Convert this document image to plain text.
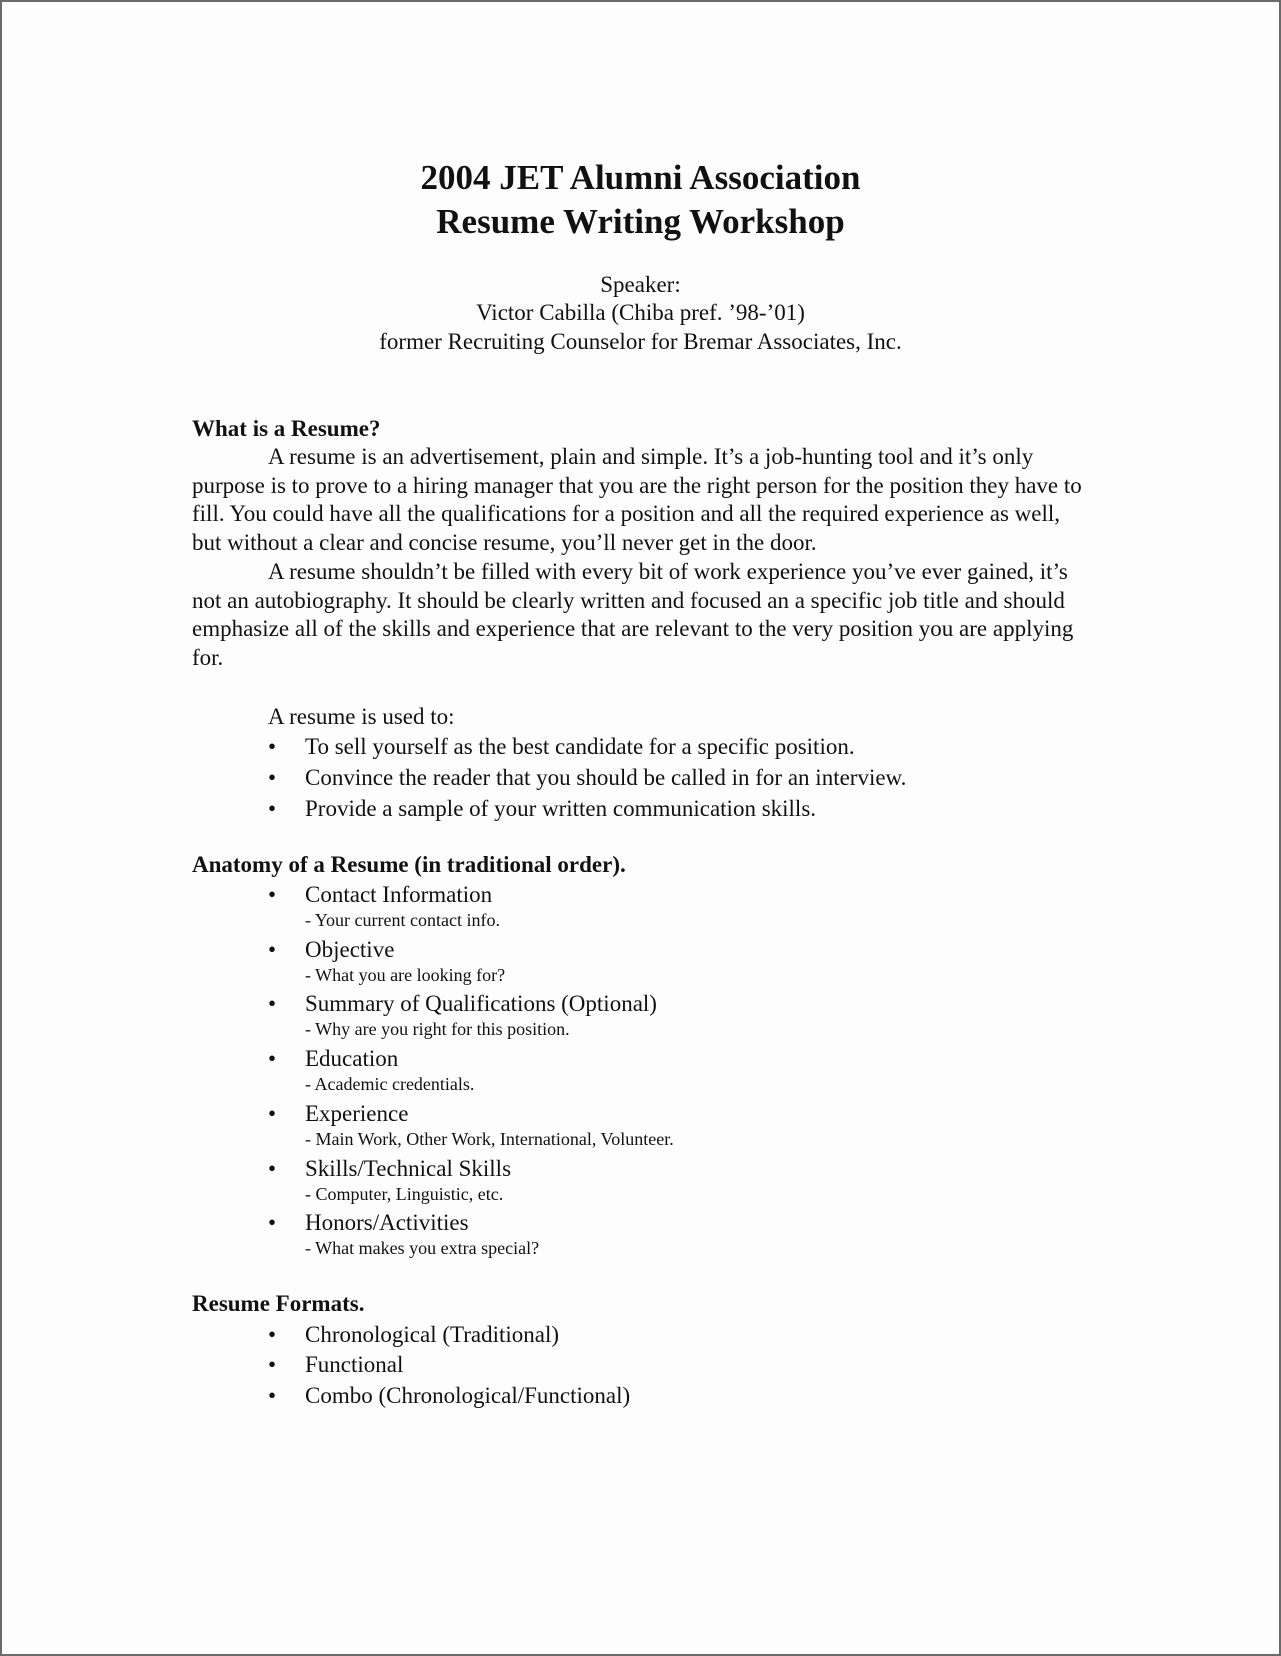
2004 JET Alumni Association
Resume Writing Workshop
Speaker:
Victor Cabilla (Chiba pref. ’98-’01)
former Recruiting Counselor for Bremar Associates, Inc.
What is a Resume?

A resume is an advertisement, plain and simple. It’s a job-hunting tool and it’s only purpose is to prove to a hiring manager that you are the right person for the position they have to fill. You could have all the qualifications for a position and all the required experience as well, but without a clear and concise resume, you’ll never get in the door.

A resume shouldn’t be filled with every bit of work experience you’ve ever gained, it’s not an autobiography. It should be clearly written and focused an a specific job title and should emphasize all of the skills and experience that are relevant to the very position you are applying for.

A resume is used to:
• To sell yourself as the best candidate for a specific position.
• Convince the reader that you should be called in for an interview.
• Provide a sample of your written communication skills.
Anatomy of a Resume (in traditional order).
• Contact Information
- Your current contact info.
• Objective
- What you are looking for?
• Summary of Qualifications (Optional)
- Why are you right for this position.
• Education
- Academic credentials.
• Experience
- Main Work, Other Work, International, Volunteer.
• Skills/Technical Skills
- Computer, Linguistic, etc.
• Honors/Activities
- What makes you extra special?
Resume Formats.
• Chronological (Traditional)
• Functional
• Combo (Chronological/Functional)
